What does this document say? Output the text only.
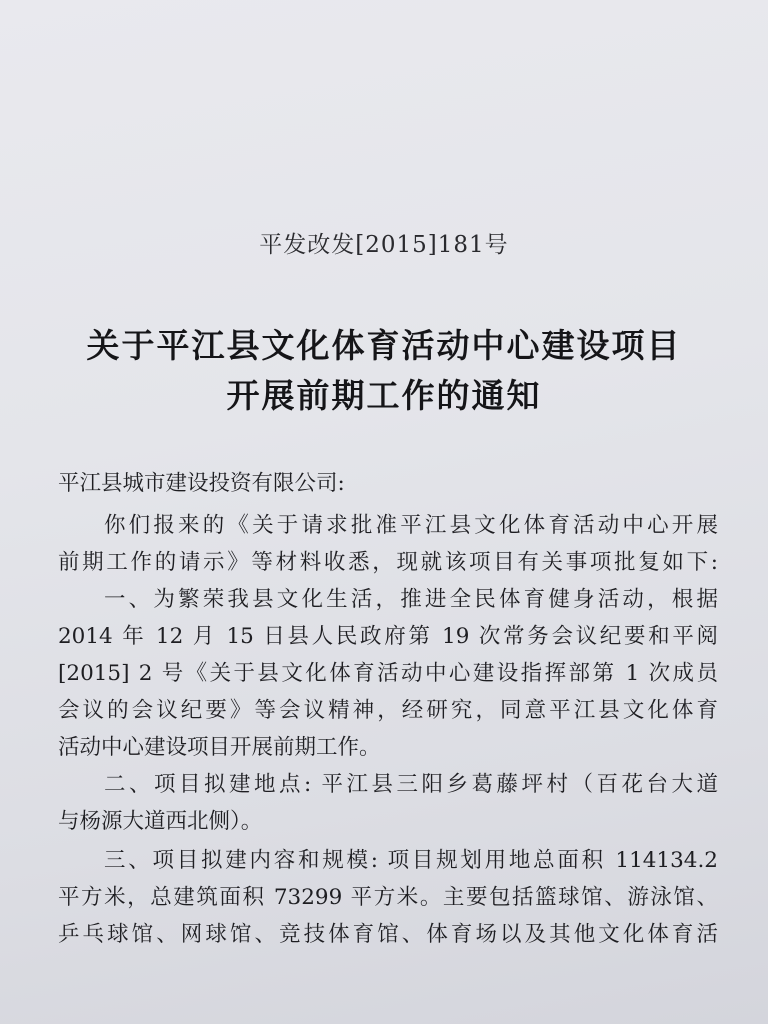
平发改发[2015]181号
关于平江县文化体育活动中心建设项目
开展前期工作的通知
平江县城市建设投资有限公司:
你们报来的《关于请求批准平江县文化体育活动中心开展
前期工作的请示》等材料收悉，现就该项目有关事项批复如下:
一、为繁荣我县文化生活，推进全民体育健身活动，根据
2014 年 12 月 15 日县人民政府第 19 次常务会议纪要和平阅
[2015] 2 号《关于县文化体育活动中心建设指挥部第 1 次成员
会议的会议纪要》等会议精神，经研究，同意平江县文化体育
活动中心建设项目开展前期工作。
二、项目拟建地点: 平江县三阳乡葛藤坪村（百花台大道
与杨源大道西北侧）。
三、项目拟建内容和规模: 项目规划用地总面积 114134.2
平方米，总建筑面积 73299 平方米。主要包括篮球馆、游泳馆、
乒乓球馆、网球馆、竞技体育馆、体育场以及其他文化体育活
